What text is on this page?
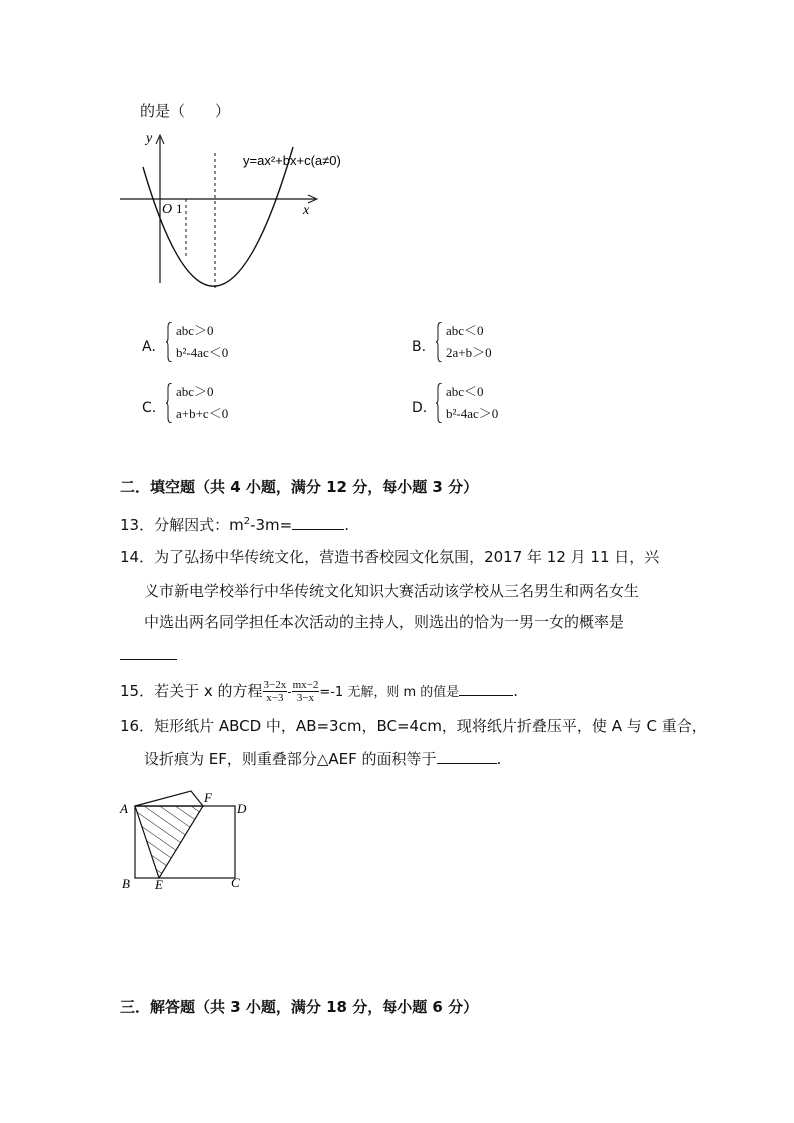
的是（　　）
y
x
O 1
y=ax²+bx+c(a≠0)
A.
abc＞0
b²-4ac＜0	B.
abc＜0
2a+b＞0
C.
abc＞0
a+b+c＜0	D.
abc＜0
b²-4ac＞0
二．填空题（共 4 小题，满分 12 分，每小题 3 分）
13．分解因式：$m^2-3m=$	.
14．为了弘扬中华传统文化，营造书香校园文化氛围，2017 年 12 月 11 日，兴
义市新电学校举行中华传统文化知识大赛活动该学校从三名男生和两名女生
中选出两名同学担任本次活动的主持人，则选出的恰为一男一女的概率是
15．若关于 x 的方程 $\frac{3-2x}{x-3} - \frac{mx-2}{3-x} =-1$ 无解，则 m 的值是	.
16．矩形纸片 ABCD 中，AB=3cm，BC=4cm，现将纸片折叠压平，使 A 与 C 重合，
设折痕为 EF，则重叠部分△AEF 的面积等于	.
A
F
D
B E	C
三．解答题（共 3 小题，满分 18 分，每小题 6 分）
